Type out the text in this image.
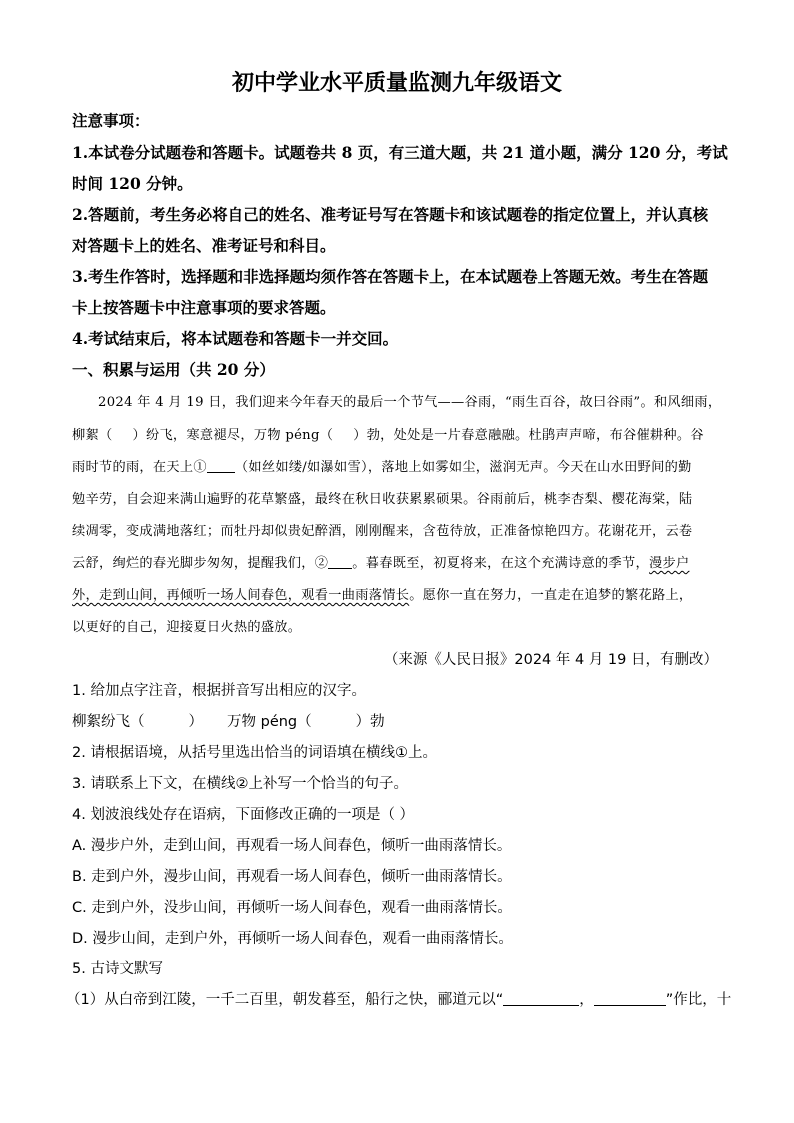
初中学业水平质量监测九年级语文
注意事项：
1.本试卷分试题卷和答题卡。试题卷共 8 页，有三道大题，共 21 道小题，满分 120 分，考试
时间 120 分钟。
2.答题前，考生务必将自己的姓名、准考证号写在答题卡和该试题卷的指定位置上，并认真核
对答题卡上的姓名、准考证号和科目。
3.考生作答时，选择题和非选择题均须作答在答题卡上，在本试题卷上答题无效。考生在答题
卡上按答题卡中注意事项的要求答题。
4.考试结束后，将本试题卷和答题卡一并交回。
一、积累与运用（共 20 分）
2024 年 4 月 19 日，我们迎来今年春天的最后一个节气——谷雨，“雨生百谷，故曰谷雨”。和风细雨，
柳絮（ ）纷飞，寒意褪尽，万物 péng（ ）勃，处处是一片春意融融。杜鹃声声啼，布谷催耕种。谷
雨时节的雨，在天上① （如丝如缕/如瀑如雪），落地上如雾如尘，滋润无声。今天在山水田野间的勤
勉辛劳，自会迎来满山遍野的花草繁盛，最终在秋日收获累累硕果。谷雨前后，桃李杏梨、樱花海棠，陆
续凋零，变成满地落红；而牡丹却似贵妃醉酒，刚刚醒来，含苞待放，正准备惊艳四方。花谢花开，云卷
云舒，绚烂的春光脚步匆匆，提醒我们，② 。暮春既至，初夏将来，在这个充满诗意的季节，漫步户
外，走到山间，再倾听一场人间春色，观看一曲雨落情长。愿你一直在努力，一直走在追梦的繁花路上，
以更好的自己，迎接夏日火热的盛放。
（来源《人民日报》2024 年 4 月 19 日，有删改）
1. 给加点字注音，根据拼音写出相应的汉字。
柳絮纷飞（	） 万物 péng（	）勃
2. 请根据语境，从括号里选出恰当的词语填在横线①上。
3. 请联系上下文，在横线②上补写一个恰当的句子。
4. 划波浪线处存在语病，下面修改正确的一项是（ ）
A. 漫步户外，走到山间，再观看一场人间春色，倾听一曲雨落情长。
B. 走到户外，漫步山间，再观看一场人间春色，倾听一曲雨落情长。
C. 走到户外，没步山间，再倾听一场人间春色，观看一曲雨落情长。
D. 漫步山间，走到户外，再倾听一场人间春色，观看一曲雨落情长。
5. 古诗文默写
（1）从白帝到江陵，一千二百里，朝发暮至，船行之快，郦道元以“	，	”作比，十
